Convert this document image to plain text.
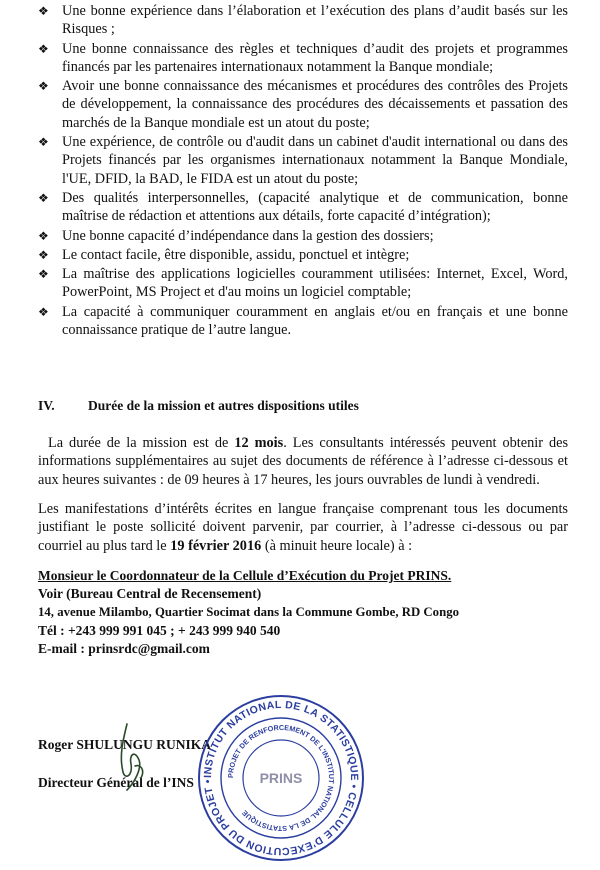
❖ Une bonne expérience dans l’élaboration et l’exécution des plans d’audit basés sur les Risques ;
❖ Une bonne connaissance des règles et techniques d’audit des projets et programmes financés par les partenaires internationaux notamment la Banque mondiale;
❖ Avoir une bonne connaissance des mécanismes et procédures des contrôles des Projets de développement, la connaissance des procédures des décaissements et passation des marchés de la Banque mondiale est un atout du poste;
❖ Une expérience, de contrôle ou d'audit dans un cabinet d'audit international ou dans des Projets financés par les organismes internationaux notamment la Banque Mondiale, l'UE, DFID, la BAD, le FIDA est un atout du poste;
❖ Des qualités interpersonnelles, (capacité analytique et de communication, bonne maîtrise de rédaction et attentions aux détails, forte capacité d’intégration);
❖ Une bonne capacité d’indépendance dans la gestion des dossiers;
❖ Le contact facile, être disponible, assidu, ponctuel et intègre;
❖ La maîtrise des applications logicielles couramment utilisées: Internet, Excel, Word, PowerPoint, MS Project et d'au moins un logiciel comptable;
❖ La capacité à communiquer couramment en anglais et/ou en français et une bonne connaissance pratique de l’autre langue.
IV. Durée de la mission et autres dispositions utiles

La durée de la mission est de 12 mois. Les consultants intéressés peuvent obtenir des informations supplémentaires au sujet des documents de référence à l’adresse ci-dessous et aux heures suivantes : de 09 heures à 17 heures, les jours ouvrables de lundi à vendredi.

Les manifestations d’intérêts écrites en langue française comprenant tous les documents justifiant le poste sollicité doivent parvenir, par courrier, à l’adresse ci-dessous ou par courriel au plus tard le 19 février 2016 (à minuit heure locale) à :

Monsieur le Coordonnateur de la Cellule d’Exécution du Projet PRINS.
Voir (Bureau Central de Recensement)
14, avenue Milambo, Quartier Socimat dans la Commune Gombe, RD Congo
Tél : +243 999 991 045 ; + 243 999 940 540
E-mail : prinsrdc@gmail.com
Roger SHULUNGU RUNIKA
Directeur Général de l’INS INSTITUT NATIONAL DE LA STATISTIQUE • CELLULE D'EXECUTION DU PROJET •
PROJET DE RENFORCEMENT DE L'INSTITUT NATIONAL DE LA STATISTIQUE
PRINS
